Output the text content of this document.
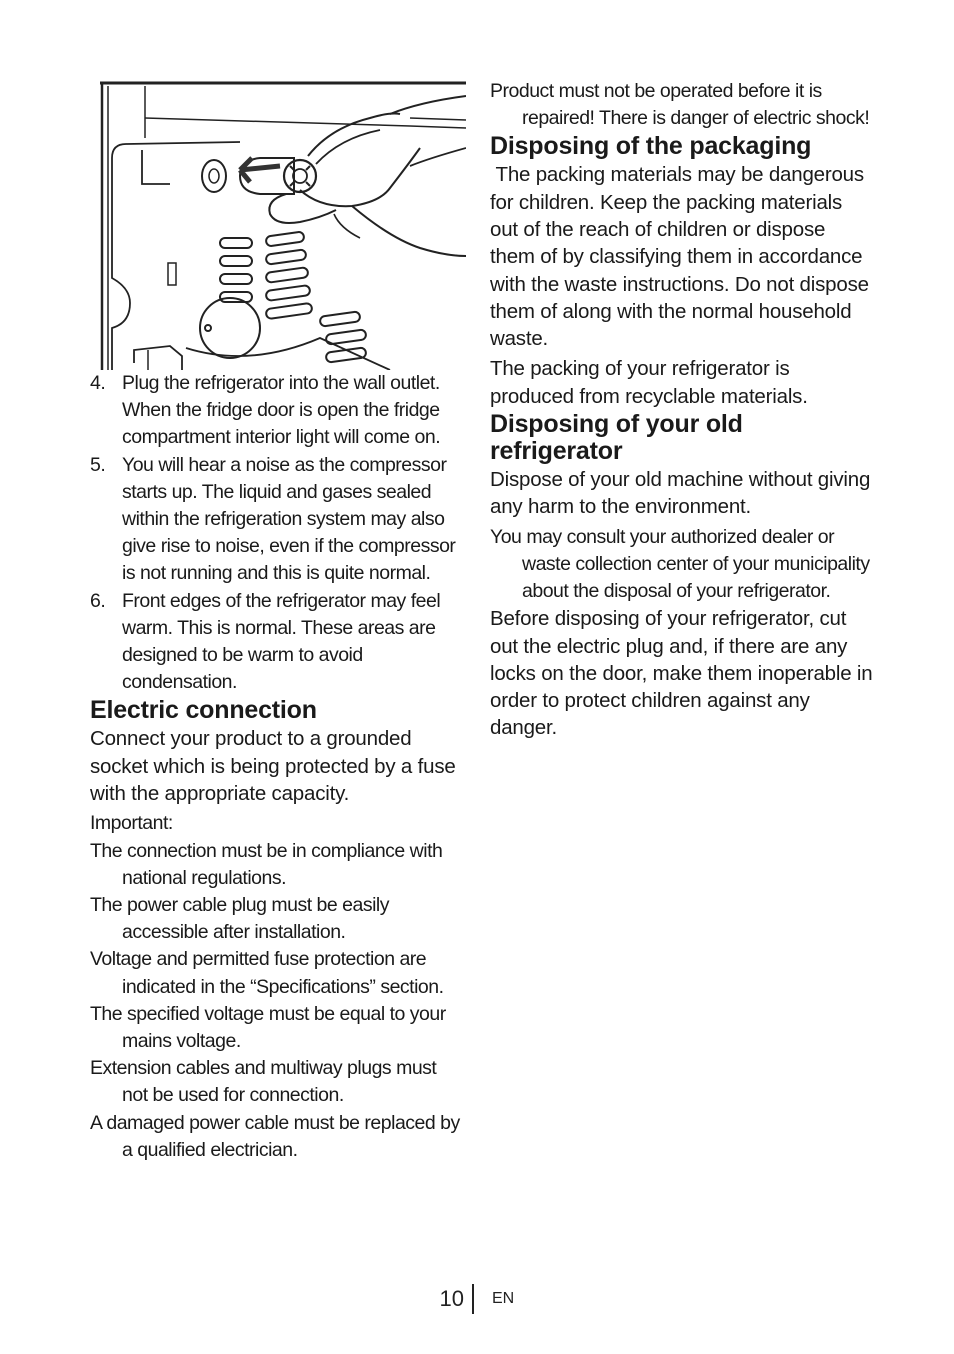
4. Plug the refrigerator into the wall outlet. When the fridge door is open the fridge compartment interior light will come on.
5. You will hear a noise as the compressor starts up. The liquid and gases sealed within the refrigeration system may also give rise to noise, even if the compressor is not running and this is quite normal.
6. Front edges of the refrigerator may feel warm. This is normal. These areas are designed to be warm to avoid condensation.
Electric connection

Connect your product to a grounded socket which is being protected by a fuse with the appropriate capacity.

Important:

The connection must be in compliance with national regulations.

The power cable plug must be easily accessible after installation.

Voltage and permitted fuse protection are indicated in the “Specifications” section.

The specified voltage must be equal to your mains voltage.

Extension cables and multiway plugs must not be used for connection.

A damaged power cable must be replaced by a qualified electrician.

Product must not be operated before it is repaired! There is danger of electric shock!

Disposing of the packaging

The packing materials may be dangerous for children. Keep the packing materials out of the reach of children or dispose them of by classifying them in accordance with the waste instructions. Do not dispose them of along with the normal household waste.

The packing of your refrigerator is produced from recyclable materials.

Disposing of your old refrigerator

Dispose of your old machine without giving any harm to the environment.

You may consult your authorized dealer or waste collection center of your municipality about the disposal of your refrigerator.

Before disposing of your refrigerator, cut out the electric plug and, if there are any locks on the door, make them inoperable in order to protect children against any danger.

10 EN
